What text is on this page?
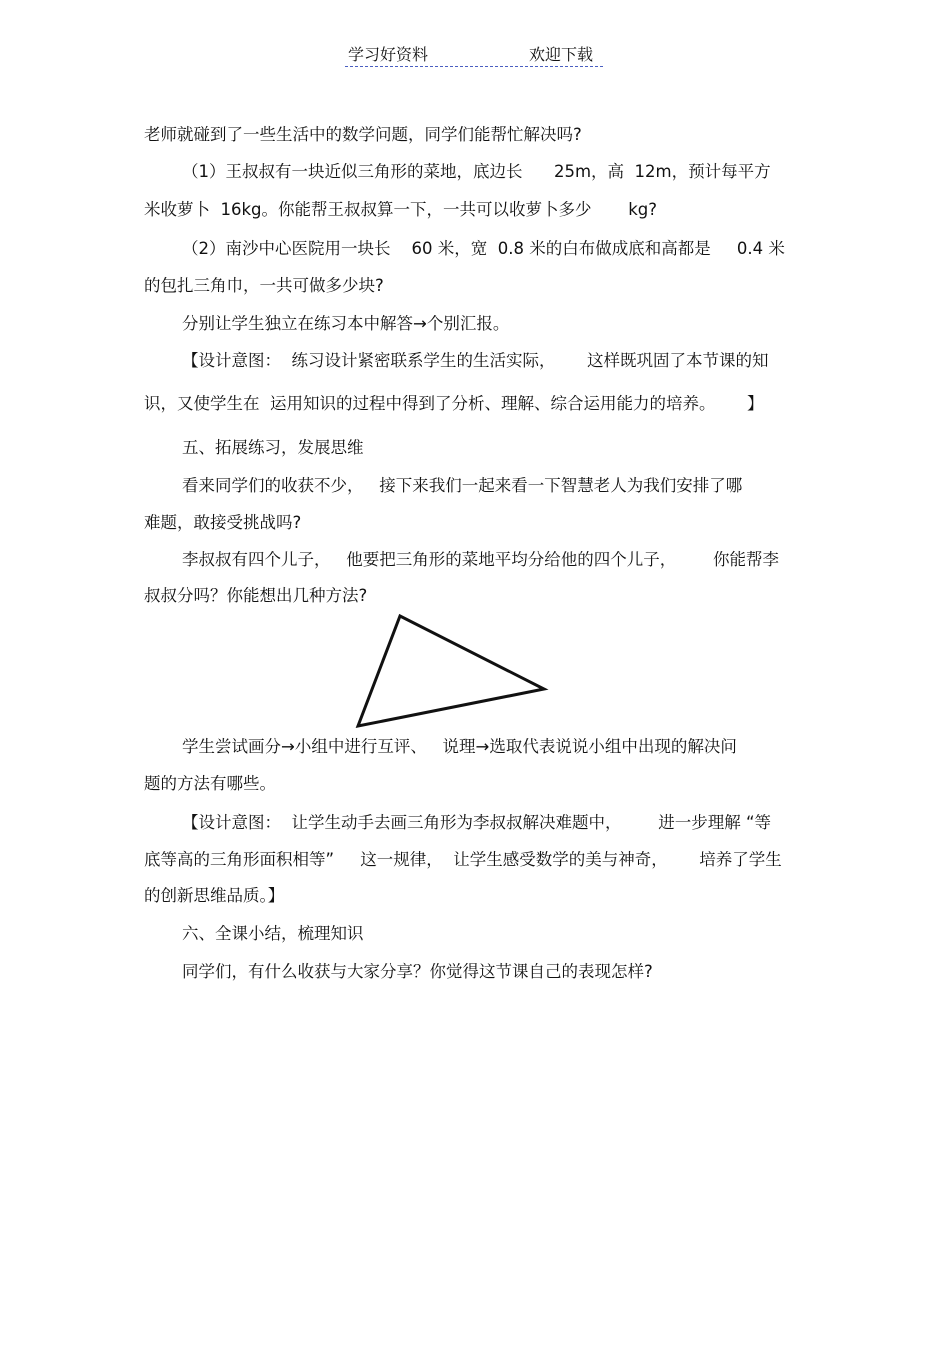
学习好资料	欢迎下载
老师就碰到了一些生活中的数学问题，同学们能帮忙解决吗?
（1）王叔叔有一块近似三角形的菜地，底边长      25m，高  12m，预计每平方
米收萝卜  16kg。你能帮王叔叔算一下，一共可以收萝卜多少       kg?
（2）南沙中心医院用一块长    60 米，宽  0.8 米的白布做成底和高都是     0.4 米
的包扎三角巾，一共可做多少块?
分别让学生独立在练习本中解答→个别汇报。
【设计意图：  练习设计紧密联系学生的生活实际，      这样既巩固了本节课的知
识，又使学生在  运用知识的过程中得到了分析、理解、综合运用能力的培养。      】
五、拓展练习，发展思维
看来同学们的收获不少，   接下来我们一起来看一下智慧老人为我们安排了哪
难题，敢接受挑战吗?
李叔叔有四个儿子，   他要把三角形的菜地平均分给他的四个儿子，       你能帮李
叔叔分吗？你能想出几种方法?
学生尝试画分→小组中进行互评、   说理→选取代表说说小组中出现的解决问
题的方法有哪些。
【设计意图：  让学生动手去画三角形为李叔叔解决难题中，       进一步理解 “等
底等高的三角形面积相等”     这一规律，  让学生感受数学的美与神奇，      培养了学生
的创新思维品质。】
六、全课小结，梳理知识
同学们，有什么收获与大家分享？你觉得这节课自己的表现怎样?
